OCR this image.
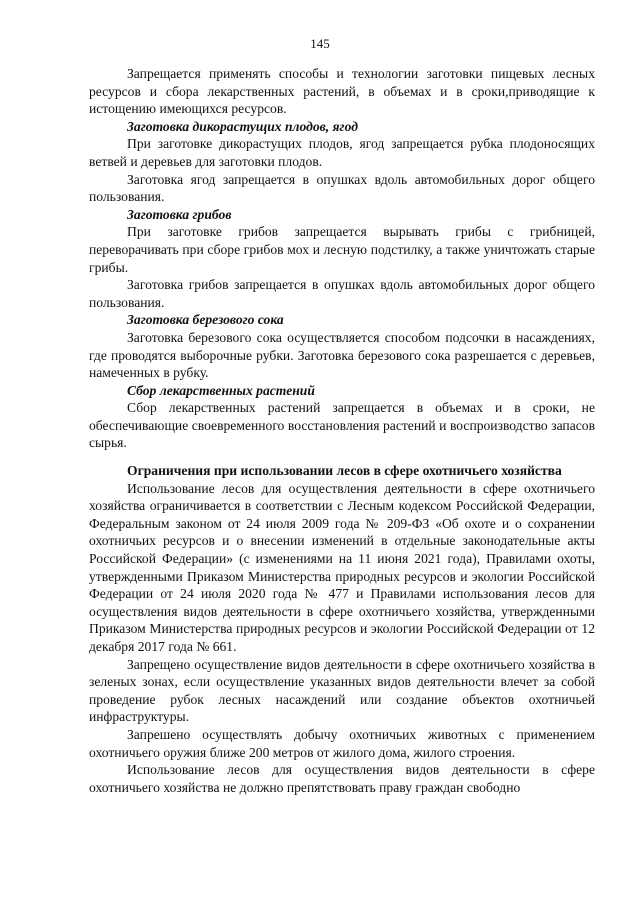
145

Запрещается применять способы и технологии заготовки пищевых лесных ресурсов и сбора лекарственных растений, в объемах и в сроки,приводящие к истощению имеющихся ресурсов.

Заготовка дикорастущих плодов, ягод

При заготовке дикорастущих плодов, ягод запрещается рубка плодоносящих ветвей и деревьев для заготовки плодов.

Заготовка ягод запрещается в опушках вдоль автомобильных дорог общего пользования.

Заготовка грибов

При заготовке грибов запрещается вырывать грибы с грибницей, переворачивать при сборе грибов мох и лесную подстилку, а также уничтожать старые грибы.

Заготовка грибов запрещается в опушках вдоль автомобильных дорог общего пользования.

Заготовка березового сока

Заготовка березового сока осуществляется способом подсочки в насаждениях, где проводятся выборочные рубки. Заготовка березового сока разрешается с деревьев, намеченных в рубку.

Сбор лекарственных растений

Сбор лекарственных растений запрещается в объемах и в сроки, не обеспечивающие своевременного восстановления растений и воспроизводство запасов сырья.

Ограничения при использовании лесов в сфере охотничьего хозяйства

Использование лесов для осуществления деятельности в сфере охотничьего хозяйства ограничивается в соответствии с Лесным кодексом Российской Федерации, Федеральным законом от 24 июля 2009 года № 209-ФЗ «Об охоте и о сохранении охотничьих ресурсов и о внесении изменений в отдельные законодательные акты Российской Федерации» (с изменениями на 11 июня 2021 года), Правилами охоты, утвержденными Приказом Министерства природных ресурсов и экологии Российской Федерации от 24 июля 2020 года № 477 и Правилами использования лесов для осуществления видов деятельности в сфере охотничьего хозяйства, утвержденными Приказом Министерства природных ресурсов и экологии Российской Федерации от 12 декабря 2017 года № 661.

Запрещено осуществление видов деятельности в сфере охотничьего хозяйства в зеленых зонах, если осуществление указанных видов деятельности влечет за собой проведение рубок лесных насаждений или создание объектов охотничьей инфраструктуры.

Запрешено осуществлять добычу охотничьих животных с применением охотничьего оружия ближе 200 метров от жилого дома, жилого строения.

Использование лесов для осуществления видов деятельности в сфере охотничьего хозяйства не должно препятствовать праву граждан свободно
